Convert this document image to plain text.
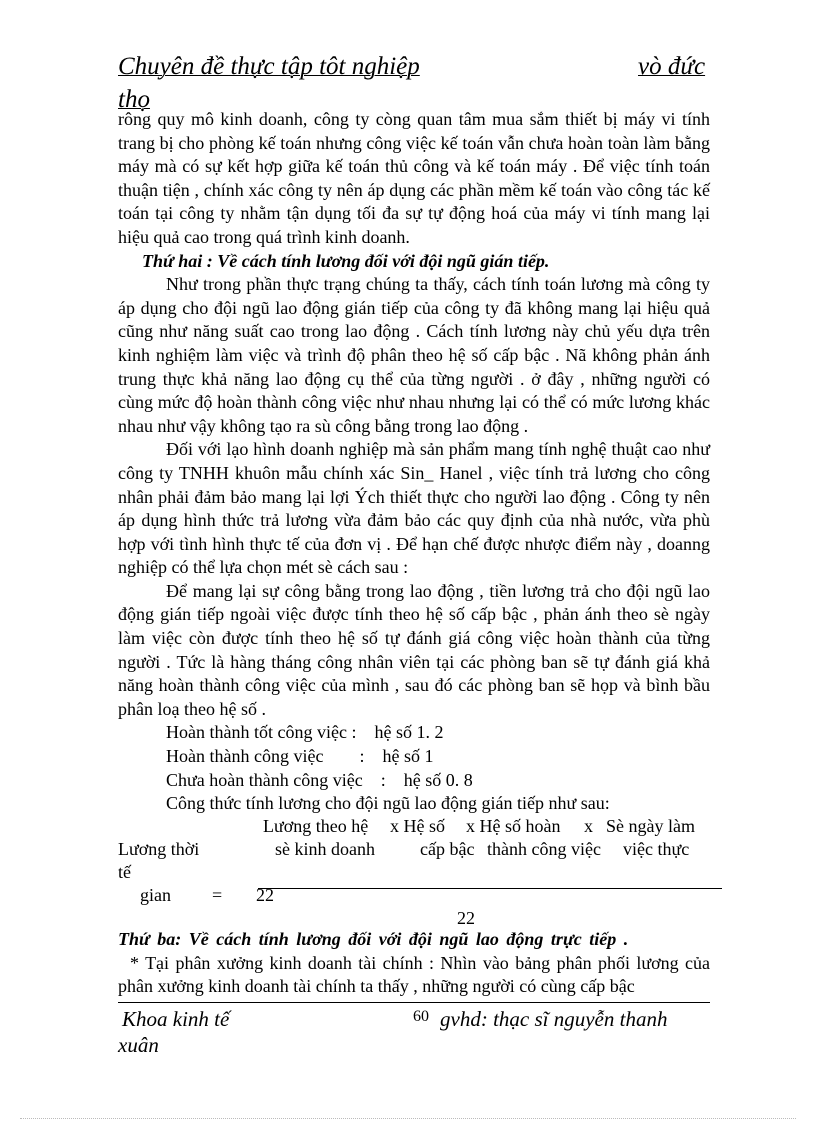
Chuyên đề thực tập tôt nghiệp	vò đức
thọ

rông quy mô kinh doanh, công ty còng quan tâm mua sắm thiết bị máy vi tính trang bị cho phòng kế toán nhưng công việc kế toán vẫn chưa hoàn toàn làm bằng máy mà có sự kết hợp giữa kế toán thủ công và kế toán máy . Để việc tính toán thuận tiện , chính xác công ty nên áp dụng các phần mềm kế toán vào công tác kế toán tại công ty nhằm tận dụng tối đa sự tự động hoá của máy vi tính mang lại hiệu quả cao trong quá trình kinh doanh.

Thứ hai : Về cách tính lương đối với đội ngũ gián tiếp.

Như trong phần thực trạng chúng ta thấy, cách tính toán lương mà công ty áp dụng cho đội ngũ lao động gián tiếp của công ty đã không mang lại hiệu quả cũng như năng suất cao trong lao động . Cách tính lương này chủ yếu dựa trên kinh nghiệm làm việc và trình độ phân theo hệ số cấp bậc . Nã không phản ánh trung thực khả năng lao động cụ thể của từng người . ở đây , những người có cùng mức độ hoàn thành công việc như nhau nhưng lại có thể có mức lương khác nhau như vậy không tạo ra sù công bằng trong lao động .

Đối với lạo hình doanh nghiệp mà sản phẩm mang tính nghệ thuật cao như công ty TNHH khuôn mẫu chính xác Sin_ Hanel , việc tính trả lương cho công nhân phải đảm bảo mang lại lợi Ých thiết thực cho người lao động . Công ty nên áp dụng hình thức trả lương vừa đảm bảo các quy định của nhà nước, vừa phù hợp với tình hình thực tế của đơn vị . Để hạn chế được nhược điểm này , doanng nghiệp có thể lựa chọn mét sè cách sau :

Để mang lại sự công bằng trong lao động , tiền lương trả cho đội ngũ lao động gián tiếp ngoài việc được tính theo hệ số cấp bậc , phản ánh theo sè ngày làm việc còn được tính theo hệ số tự đánh giá công việc hoàn thành của từng người . Tức là hàng tháng công nhân viên tại các phòng ban sẽ tự đánh giá khả năng hoàn thành công việc của mình , sau đó các phòng ban sẽ họp và bình bầu phân loạ theo hệ số .

Hoàn thành tốt công việc :    hệ số 1. 2

Hoàn thành công việc        :    hệ số 1

Chưa hoàn thành công việc    :    hệ số 0. 8

Công thức tính lương cho đội ngũ lao động gián tiếp như sau:

Lương theo hệ
sè kinh doanh
x Hệ số
cấp bậc
x Hệ số hoàn
thành công việc
x Sè ngày làm
việc thực
Lương thời
tế
gian = 22
22

Thứ ba: Về cách tính lương đối với đội ngũ lao động trực tiếp .

* Tại phân xưởng kinh doanh tài chính : Nhìn vào bảng phân phối lương của phân xưởng kinh doanh tài chính ta thấy , những người có cùng cấp bậc

Khoa kinh tế	60 gvhd: thạc sĩ nguyễn thanh
xuân
